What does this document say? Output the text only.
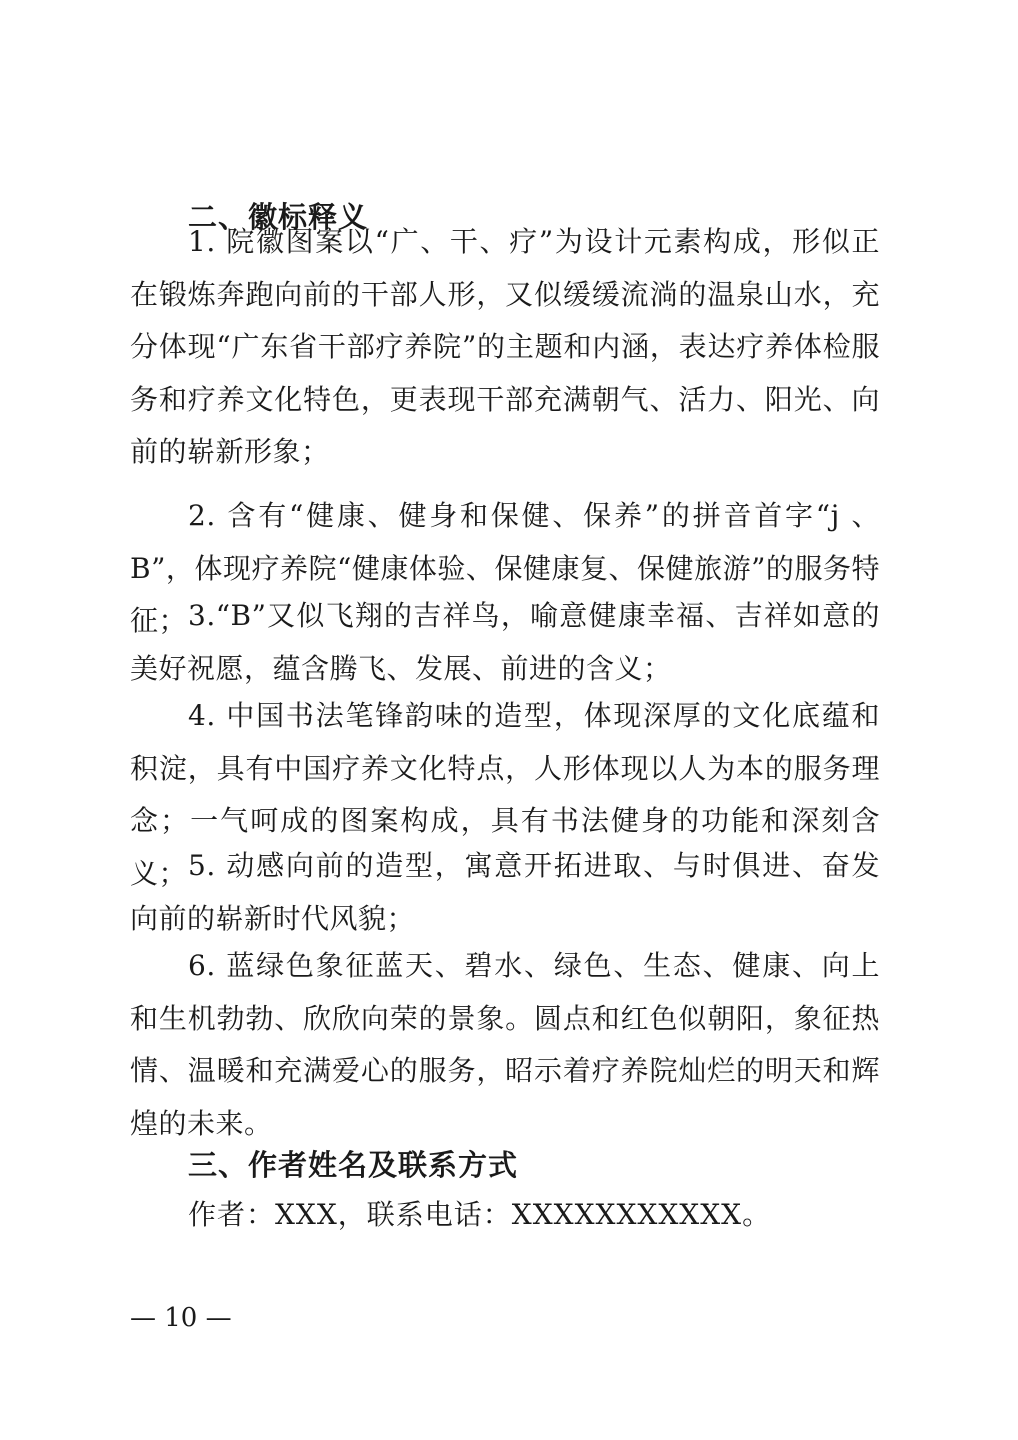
二、徽标释义

1. 院徽图案以“广、干、疗”为设计元素构成，形似正在锻炼奔跑向前的干部人形，又似缓缓流淌的温泉山水，充分体现“广东省干部疗养院”的主题和内涵，表达疗养体检服务和疗养文化特色，更表现干部充满朝气、活力、阳光、向前的崭新形象；

2. 含有“健康、健身和保健、保养”的拼音首字“j 、B”，体现疗养院“健康体验、保健康复、保健旅游”的服务特征； 3.“B”又似飞翔的吉祥鸟，喻意健康幸福、吉祥如意的美好祝愿，蕴含腾飞、发展、前进的含义；

4. 中国书法笔锋韵味的造型，体现深厚的文化底蕴和积淀，具有中国疗养文化特点，人形体现以人为本的服务理念；一气呵成的图案构成，具有书法健身的功能和深刻含义； 5. 动感向前的造型，寓意开拓进取、与时俱进、奋发向前的崭新时代风貌；

6. 蓝绿色象征蓝天、碧水、绿色、生态、健康、向上和生机勃勃、欣欣向荣的景象。圆点和红色似朝阳，象征热情、温暖和充满爱心的服务，昭示着疗养院灿烂的明天和辉煌的未来。

三、作者姓名及联系方式
作者：XXX，联系电话：XXXXXXXXXXX。
— 10 —
